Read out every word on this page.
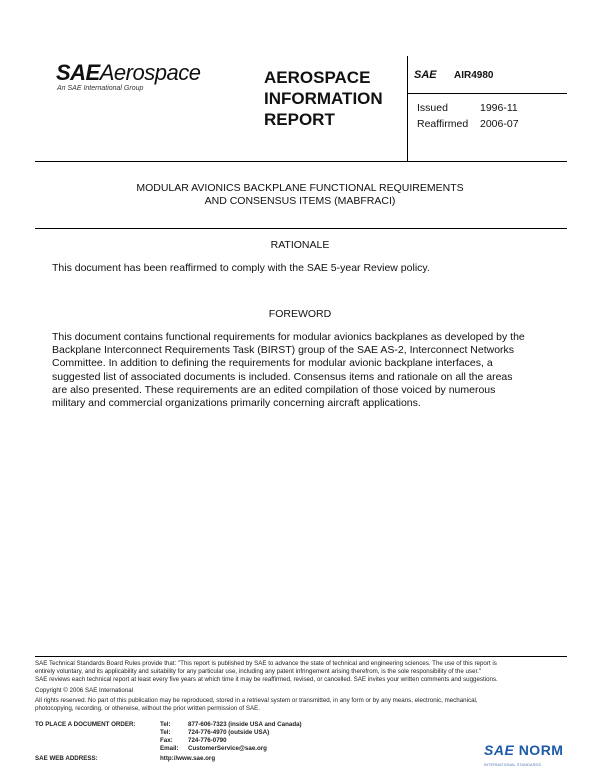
SAEAerospace
An SAE International Group
AEROSPACE
INFORMATION
REPORT
SAE AIR4980
Issued	1996-11
Reaffirmed 2006-07
MODULAR AVIONICS BACKPLANE FUNCTIONAL REQUIREMENTS
AND CONSENSUS ITEMS (MABFRACI)
RATIONALE
This document has been reaffirmed to comply with the SAE 5-year Review policy.
FOREWORD
This document contains functional requirements for modular avionics backplanes as developed by the
Backplane Interconnect Requirements Task (BIRST) group of the SAE AS-2, Interconnect Networks
Committee. In addition to defining the requirements for modular avionic backplane interfaces, a
suggested list of associated documents is included. Consensus items and rationale on all the areas
are also presented. These requirements are an edited compilation of those voiced by numerous
military and commercial organizations primarily concerning aircraft applications.
SAE Technical Standards Board Rules provide that: "This report is published by SAE to advance the state of technical and engineering sciences. The use of this report is
entirely voluntary, and its applicability and suitability for any particular use, including any patent infringement arising therefrom, is the sole responsibility of the user."
SAE reviews each technical report at least every five years at which time it may be reaffirmed, revised, or cancelled. SAE invites your written comments and suggestions.
Copyright © 2006 SAE International
All rights reserved. No part of this publication may be reproduced, stored in a retrieval system or transmitted, in any form or by any means, electronic, mechanical,
photocopying, recording, or otherwise, without the prior written permission of SAE.
TO PLACE A DOCUMENT ORDER:	Tel:	877-606-7323 (inside USA and Canada)
Tel:	724-776-4970 (outside USA)
Fax: 724-776-0790
Email: CustomerService@sae.org
SAE WEB ADDRESS:	http://www.sae.org
SAE NORM
INTERNATIONAL STANDARDS
